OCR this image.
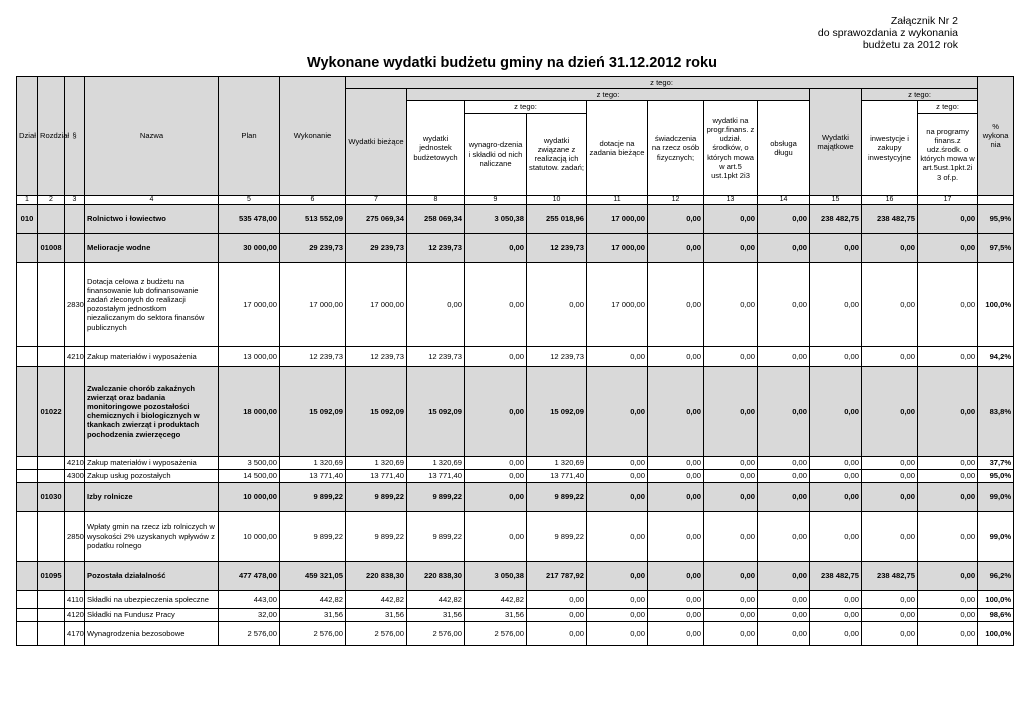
Załącznik Nr 2
do sprawozdania z wykonania
budżetu za 2012 rok
Wykonane wydatki budżetu gminy na dzień 31.12.2012 roku
Dział	Rozdział	§	Nazwa	Plan	Wykonanie	z tego:											% wykona nia
						Wydatki bieżące	z tego:							Wydatki majątkowe	z tego:		
							wydatki jednostek budżetowych	z tego:		dotacje na zadania bieżące	świadczenia na rzecz osób fizycznych;	wydatki na progr.finans. z udział. środków, o których mowa w art.5 ust.1pkt 2i3	obsługa długu		inwestycje i zakupy inwestycyjne	z tego:	
								wynagro-dzenia i składki od nich naliczane	wydatki związane z realizacją ich statutow. zadań;							na programy finans.z udz.środk. o których mowa w art.5ust.1pkt.2i 3 of.p.	
1	2	3	4	5	6	7	8	9	10	11	12	13	14	15	16	17	
010			Rolnictwo i łowiectwo	535 478,00	513 552,09	275 069,34	258 069,34	3 050,38	255 018,96	17 000,00	0,00	0,00	0,00	238 482,75	238 482,75	0,00	95,9%
	01008		Melioracje wodne	30 000,00	29 239,73	29 239,73	12 239,73	0,00	12 239,73	17 000,00	0,00	0,00	0,00	0,00	0,00	0,00	97,5%
		2830	Dotacja celowa z budżetu na finansowanie lub dofinansowanie zadań zleconych do realizacji pozostałym jednostkom niezaliczanym do sektora finansów publicznych	17 000,00	17 000,00	17 000,00	0,00	0,00	0,00	17 000,00	0,00	0,00	0,00	0,00	0,00	0,00	100,0%
		4210	Zakup materiałów i wyposażenia	13 000,00	12 239,73	12 239,73	12 239,73	0,00	12 239,73	0,00	0,00	0,00	0,00	0,00	0,00	0,00	94,2%
	01022		Zwalczanie chorób zakaźnych zwierząt oraz badania monitoringowe pozostałości chemicznych i biologicznych w tkankach zwierząt i produktach pochodzenia zwierzęcego	18 000,00	15 092,09	15 092,09	15 092,09	0,00	15 092,09	0,00	0,00	0,00	0,00	0,00	0,00	0,00	83,8%
		4210	Zakup materiałów i wyposażenia	3 500,00	1 320,69	1 320,69	1 320,69	0,00	1 320,69	0,00	0,00	0,00	0,00	0,00	0,00	0,00	37,7%
		4300	Zakup usług pozostałych	14 500,00	13 771,40	13 771,40	13 771,40	0,00	13 771,40	0,00	0,00	0,00	0,00	0,00	0,00	0,00	95,0%
	01030		Izby rolnicze	10 000,00	9 899,22	9 899,22	9 899,22	0,00	9 899,22	0,00	0,00	0,00	0,00	0,00	0,00	0,00	99,0%
		2850	Wpłaty gmin na rzecz izb rolniczych w wysokości 2% uzyskanych wpływów z podatku rolnego	10 000,00	9 899,22	9 899,22	9 899,22	0,00	9 899,22	0,00	0,00	0,00	0,00	0,00	0,00	0,00	99,0%
	01095		Pozostała działalność	477 478,00	459 321,05	220 838,30	220 838,30	3 050,38	217 787,92	0,00	0,00	0,00	0,00	238 482,75	238 482,75	0,00	96,2%
		4110	Składki na ubezpieczenia społeczne	443,00	442,82	442,82	442,82	442,82	0,00	0,00	0,00	0,00	0,00	0,00	0,00	0,00	100,0%
		4120	Składki na Fundusz Pracy	32,00	31,56	31,56	31,56	31,56	0,00	0,00	0,00	0,00	0,00	0,00	0,00	0,00	98,6%
		4170	Wynagrodzenia bezosobowe	2 576,00	2 576,00	2 576,00	2 576,00	2 576,00	0,00	0,00	0,00	0,00	0,00	0,00	0,00	0,00	100,0%
